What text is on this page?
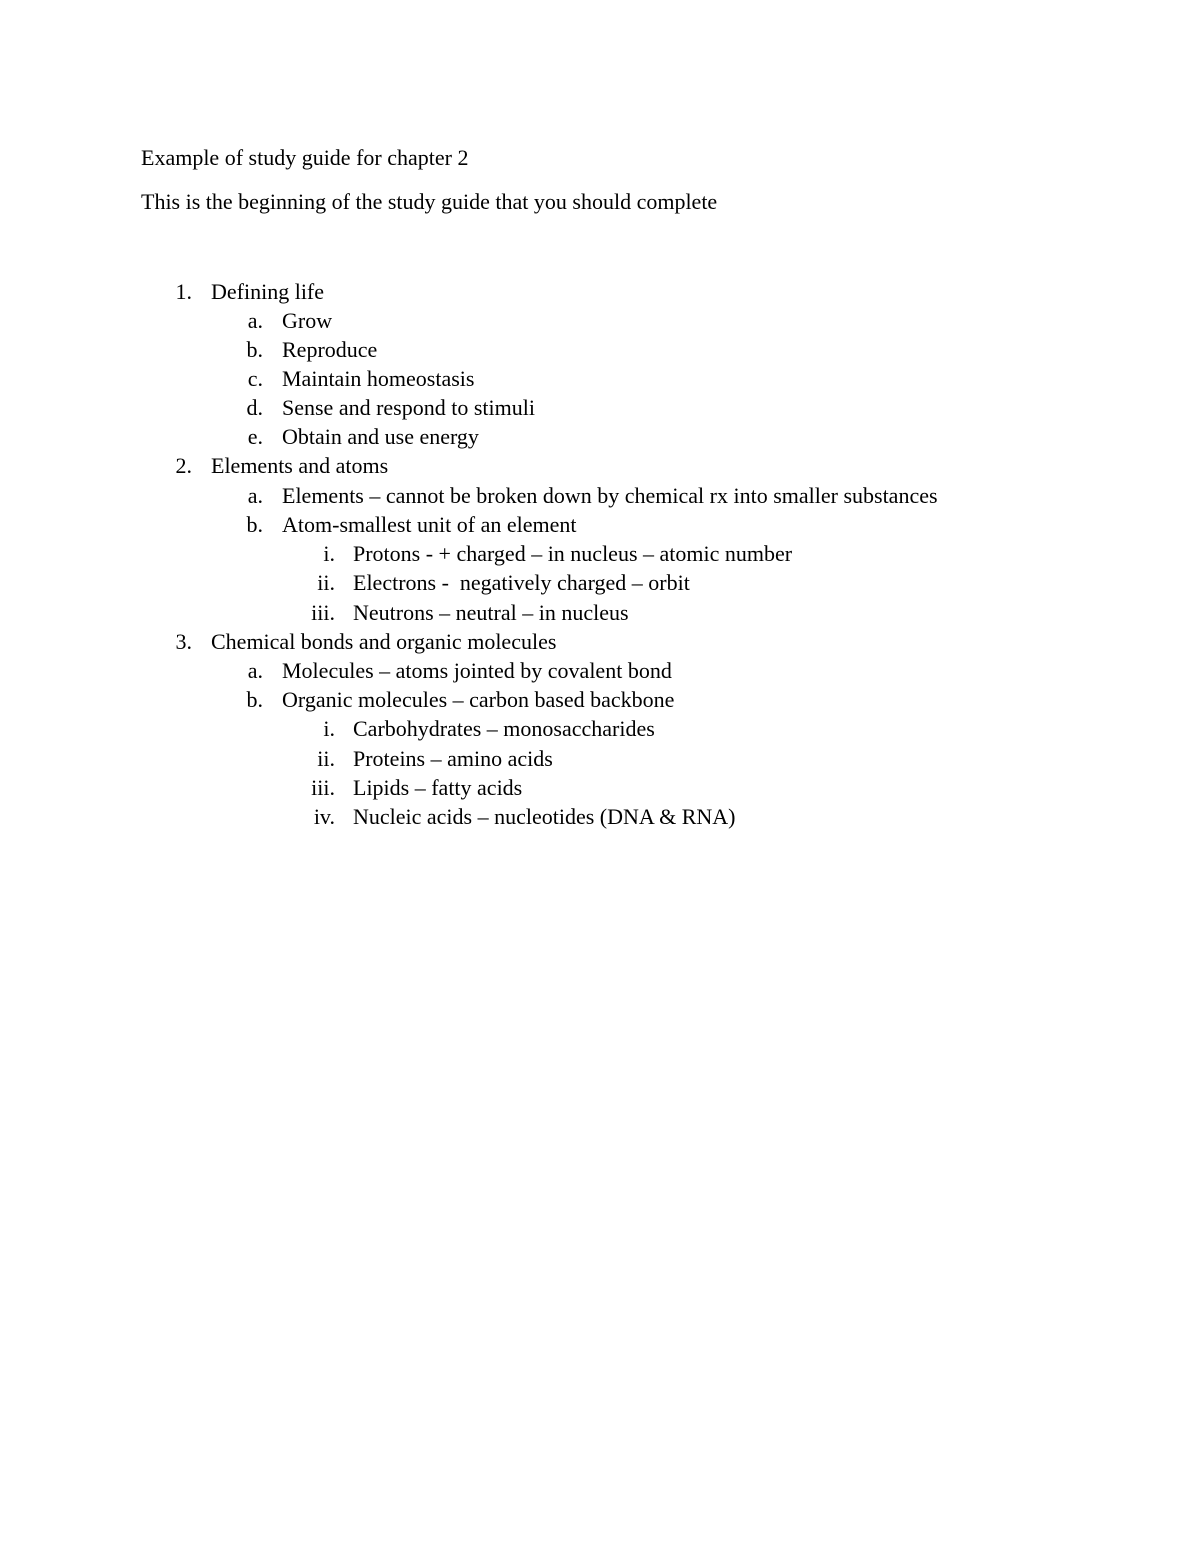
Example of study guide for chapter 2
This is the beginning of the study guide that you should complete
1. Defining life
a. Grow
b. Reproduce
c. Maintain homeostasis
d. Sense and respond to stimuli
e. Obtain and use energy
2. Elements and atoms
a. Elements – cannot be broken down by chemical rx into smaller substances
b. Atom-smallest unit of an element
i. Protons - + charged – in nucleus – atomic number
ii. Electrons -  negatively charged – orbit
iii. Neutrons – neutral – in nucleus
3. Chemical bonds and organic molecules
a. Molecules – atoms jointed by covalent bond
b. Organic molecules – carbon based backbone
i. Carbohydrates – monosaccharides
ii. Proteins – amino acids
iii. Lipids – fatty acids
iv. Nucleic acids – nucleotides (DNA & RNA)
